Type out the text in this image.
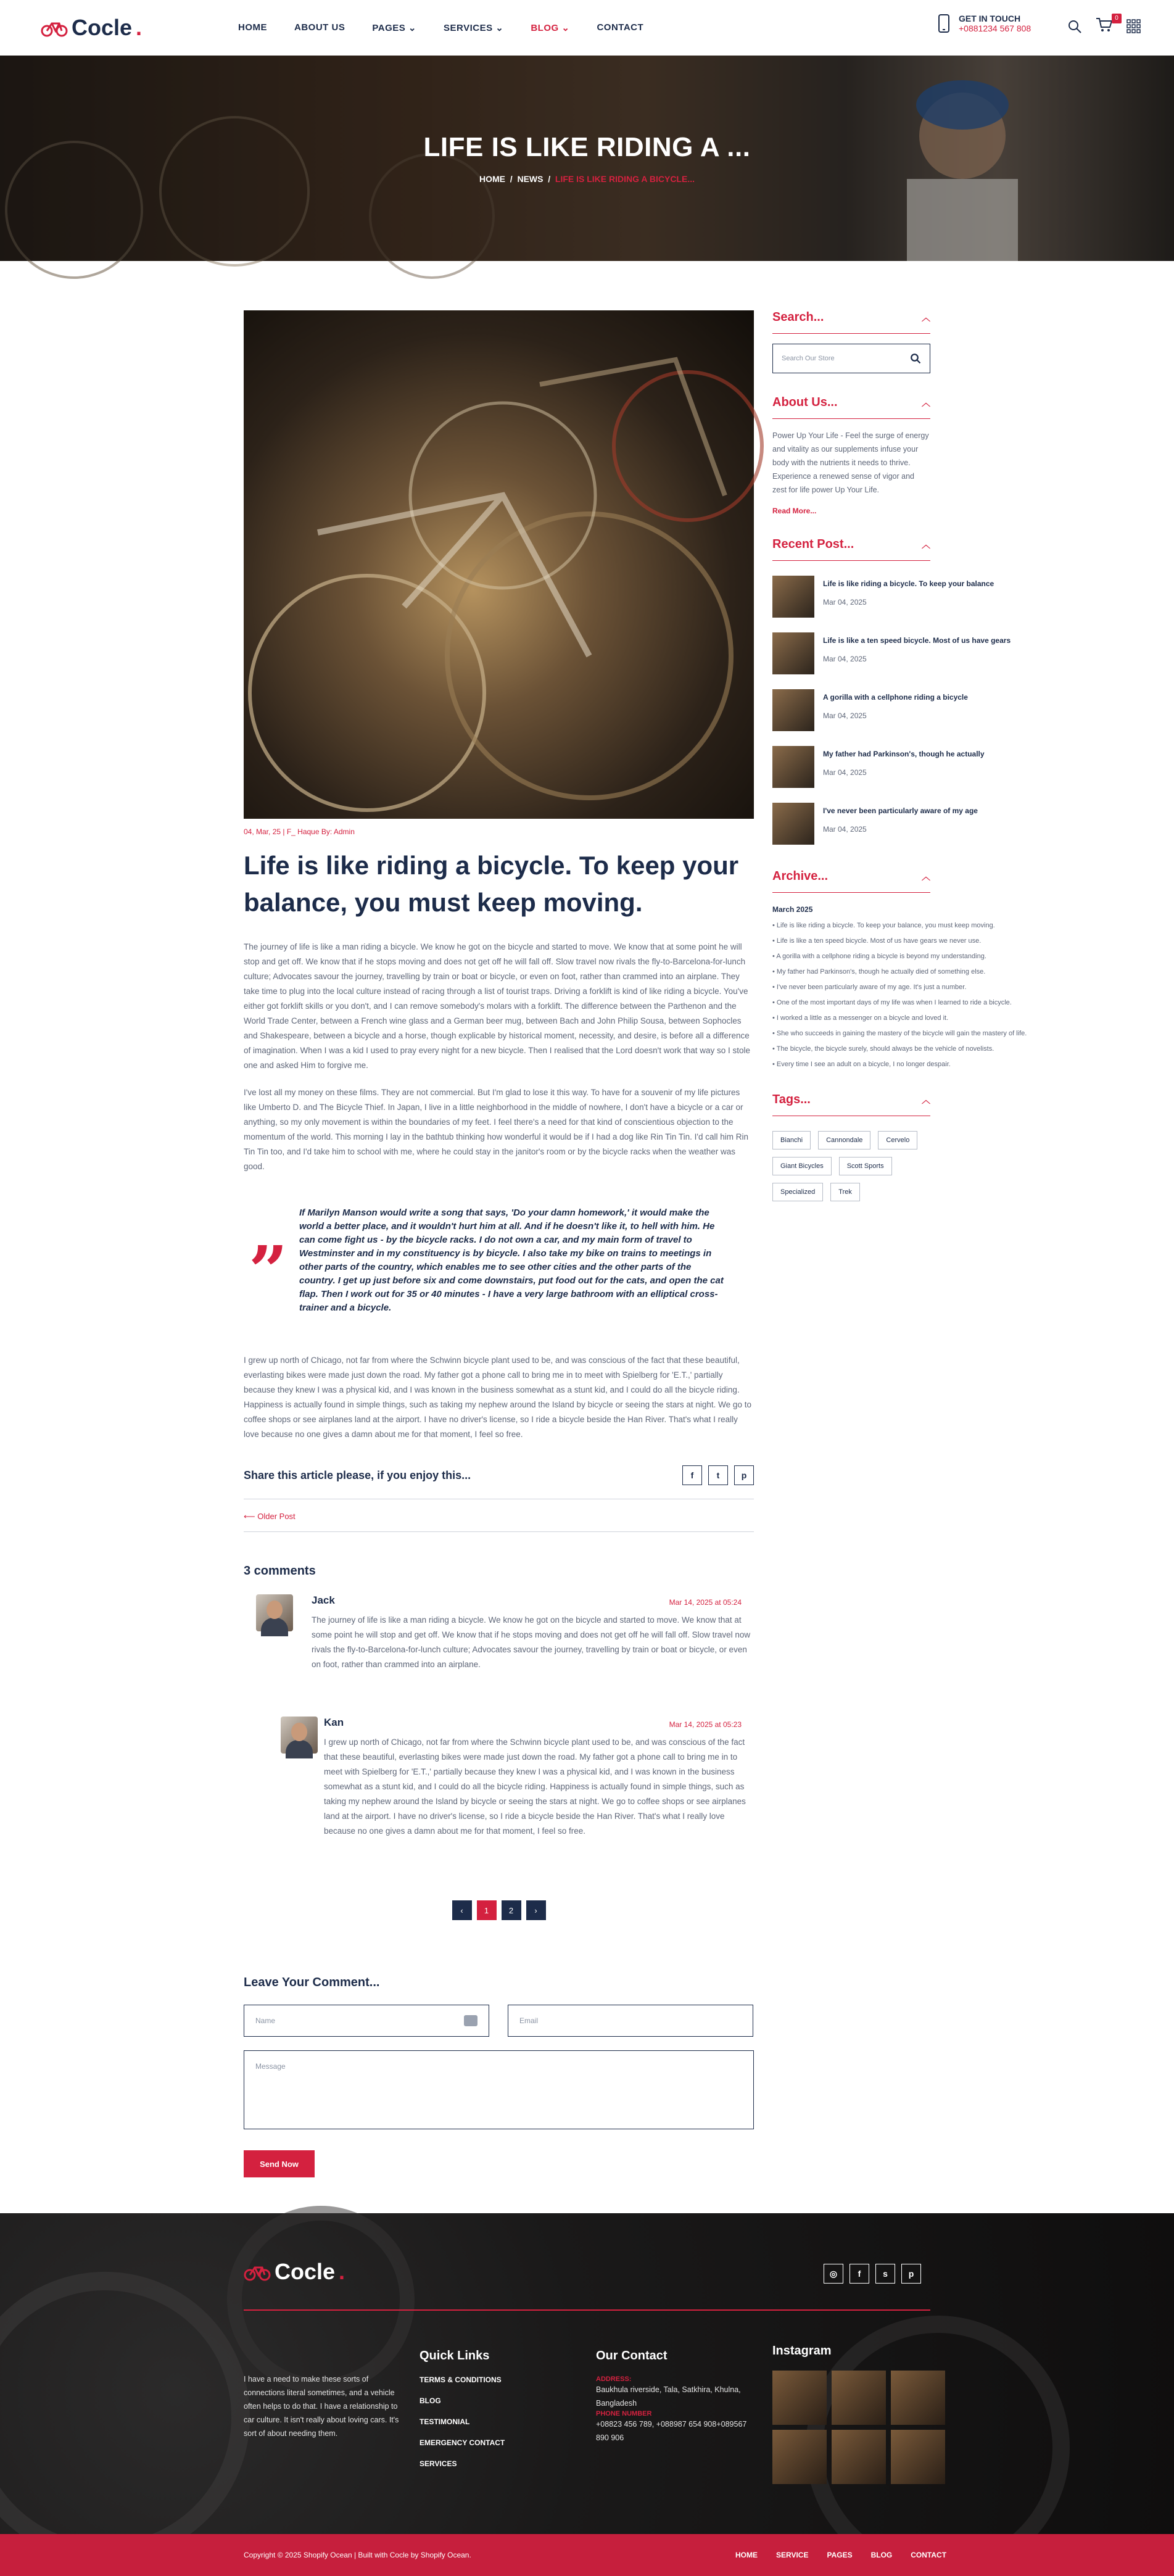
Cocle .	HOME	ABOUT US	PAGES ⌄	SERVICES ⌄	BLOG ⌄	CONTACT
GET IN TOUCH
+0881234 567 808
0
LIFE IS LIKE RIDING A ...
HOME  /  NEWS  /  LIFE IS LIKE RIDING A BICYCLE...
04, Mar, 25 | F_ Haque By: Admin
Life is like riding a bicycle. To keep your balance, you must keep moving.

The journey of life is like a man riding a bicycle. We know he got on the bicycle and started to move. We know that at some point he will stop and get off. We know that if he stops moving and does not get off he will fall off. Slow travel now rivals the fly-to-Barcelona-for-lunch culture; Advocates savour the journey, travelling by train or boat or bicycle, or even on foot, rather than crammed into an airplane. They take time to plug into the local culture instead of racing through a list of tourist traps. Driving a forklift is kind of like riding a bicycle. You've either got forklift skills or you don't, and I can remove somebody's molars with a forklift. The difference between the Parthenon and the World Trade Center, between a French wine glass and a German beer mug, between Bach and John Philip Sousa, between Sophocles and Shakespeare, between a bicycle and a horse, though explicable by historical moment, necessity, and desire, is before all a difference of imagination. When I was a kid I used to pray every night for a new bicycle. Then I realised that the Lord doesn't work that way so I stole one and asked Him to forgive me.

I've lost all my money on these films. They are not commercial. But I'm glad to lose it this way. To have for a souvenir of my life pictures like Umberto D. and The Bicycle Thief. In Japan, I live in a little neighborhood in the middle of nowhere, I don't have a bicycle or a car or anything, so my only movement is within the boundaries of my feet. I feel there's a need for that kind of conscientious objection to the momentum of the world. This morning I lay in the bathtub thinking how wonderful it would be if I had a dog like Rin Tin Tin. I'd call him Rin Tin Tin too, and I'd take him to school with me, where he could stay in the janitor's room or by the bicycle racks when the weather was good.

”

If Marilyn Manson would write a song that says, 'Do your damn homework,' it would make the world a better place, and it wouldn't hurt him at all. And if he doesn't like it, to hell with him. He can come fight us - by the bicycle racks. I do not own a car, and my main form of travel to Westminster and in my constituency is by bicycle. I also take my bike on trains to meetings in other parts of the country, which enables me to see other cities and the other parts of the country. I get up just before six and come downstairs, put food out for the cats, and open the cat flap. Then I work out for 35 or 40 minutes - I have a very large bathroom with an elliptical cross-trainer and a bicycle.

I grew up north of Chicago, not far from where the Schwinn bicycle plant used to be, and was conscious of the fact that these beautiful, everlasting bikes were made just down the road. My father got a phone call to bring me in to meet with Spielberg for 'E.T.,' partially because they knew I was a physical kid, and I was known in the business somewhat as a stunt kid, and I could do all the bicycle riding. Happiness is actually found in simple things, such as taking my nephew around the Island by bicycle or seeing the stars at night. We go to coffee shops or see airplanes land at the airport. I have no driver's license, so I ride a bicycle beside the Han River. That's what I really love because no one gives a damn about me for that moment, I feel so free.

Share this article please, if you enjoy this...	f	t	p
⟵ Older Post
3 comments
Jack	Mar 14, 2025 at 05:24
The journey of life is like a man riding a bicycle. We know he got on the bicycle and started to move. We know that at some point he will stop and get off. We know that if he stops moving and does not get off he will fall off. Slow travel now rivals the fly-to-Barcelona-for-lunch culture; Advocates savour the journey, travelling by train or boat or bicycle, or even on foot, rather than crammed into an airplane.
Kan	Mar 14, 2025 at 05:23
I grew up north of Chicago, not far from where the Schwinn bicycle plant used to be, and was conscious of the fact that these beautiful, everlasting bikes were made just down the road. My father got a phone call to bring me in to meet with Spielberg for 'E.T.,' partially because they knew I was a physical kid, and I was known in the business somewhat as a stunt kid, and I could do all the bicycle riding. Happiness is actually found in simple things, such as taking my nephew around the Island by bicycle or seeing the stars at night. We go to coffee shops or see airplanes land at the airport. I have no driver's license, so I ride a bicycle beside the Han River. That's what I really love because no one gives a damn about me for that moment, I feel so free.
‹	1	2	›
Leave Your Comment...
Name	Email
Message
Send Now
Search...	︿
Search Our Store
About Us...	︿

Power Up Your Life - Feel the surge of energy and vitality as our supplements infuse your body with the nutrients it needs to thrive. Experience a renewed sense of vigor and zest for life power Up Your Life.

Read More...
Recent Post...	︿
Life is like riding a bicycle. To keep your balance
Mar 04, 2025
Life is like a ten speed bicycle. Most of us have gears
Mar 04, 2025
A gorilla with a cellphone riding a bicycle
Mar 04, 2025
My father had Parkinson's, though he actually
Mar 04, 2025
I've never been particularly aware of my age
Mar 04, 2025
Archive...	︿
March 2025
• Life is like riding a bicycle. To keep your balance, you must keep moving.
• Life is like a ten speed bicycle. Most of us have gears we never use.
• A gorilla with a cellphone riding a bicycle is beyond my understanding.
• My father had Parkinson's, though he actually died of something else.
• I've never been particularly aware of my age. It's just a number.
• One of the most important days of my life was when I learned to ride a bicycle.
• I worked a little as a messenger on a bicycle and loved it.
• She who succeeds in gaining the mastery of the bicycle will gain the mastery of life.
• The bicycle, the bicycle surely, should always be the vehicle of novelists.
• Every time I see an adult on a bicycle, I no longer despair.
Tags...	︿
Bianchi	Cannondale	Cervelo
Giant Bicycles	Scott Sports
Specialized	Trek
Cocle .	◎	f	s	p

I have a need to make these sorts of connections literal sometimes, and a vehicle often helps to do that. I have a relationship to car culture. It isn't really about loving cars. It's sort of about needing them.

Quick Links
TERMS & CONDITIONS
BLOG
TESTIMONIAL
EMERGENCY CONTACT
SERVICES
Our Contact
ADDRESS:

Baukhula riverside, Tala, Satkhira, Khulna, Bangladesh

PHONE NUMBER

+08823 456 789, +088987 654 908+089567 890 906

Instagram
Copyright © 2025 Shopify Ocean | Built with Cocle by Shopify Ocean.	HOME	SERVICE	PAGES	BLOG	CONTACT
